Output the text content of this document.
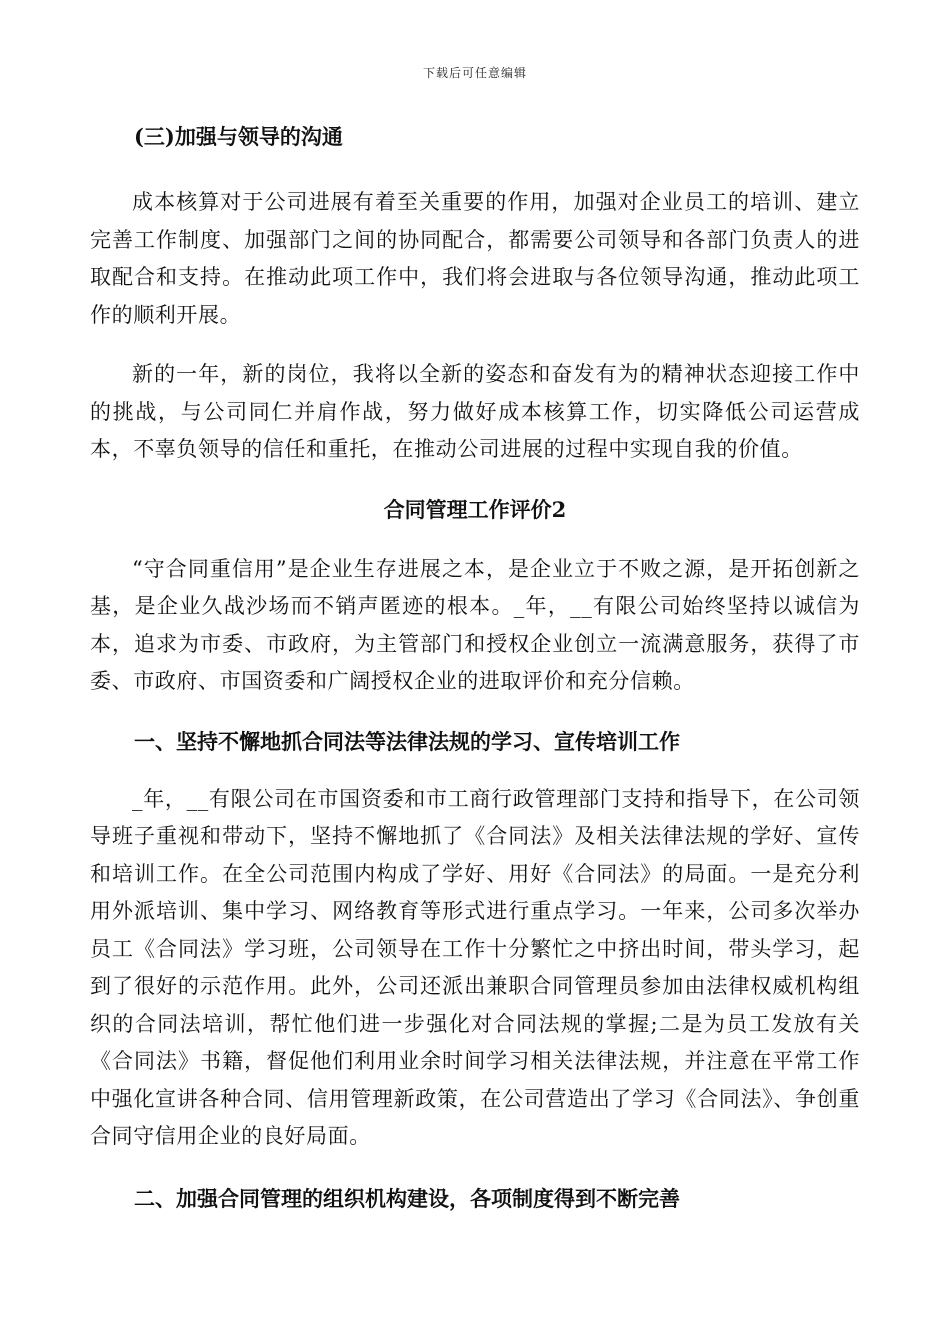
下载后可任意编辑

(三)加强与领导的沟通

成本核算对于公司进展有着至关重要的作用，加强对企业员工的培训、建立完善工作制度、加强部门之间的协同配合，都需要公司领导和各部门负责人的进取配合和支持。在推动此项工作中，我们将会进取与各位领导沟通，推动此项工作的顺利开展。

新的一年，新的岗位，我将以全新的姿态和奋发有为的精神状态迎接工作中的挑战，与公司同仁并肩作战，努力做好成本核算工作，切实降低公司运营成本，不辜负领导的信任和重托，在推动公司进展的过程中实现自我的价值。

合同管理工作评价2

“守合同重信用”是企业生存进展之本，是企业立于不败之源，是开拓创新之基，是企业久战沙场而不销声匿迹的根本。_年，__有限公司始终坚持以诚信为本，追求为市委、市政府，为主管部门和授权企业创立一流满意服务，获得了市委、市政府、市国资委和广阔授权企业的进取评价和充分信赖。

一、坚持不懈地抓合同法等法律法规的学习、宣传培训工作

_年，__有限公司在市国资委和市工商行政管理部门支持和指导下，在公司领导班子重视和带动下，坚持不懈地抓了《合同法》及相关法律法规的学好、宣传和培训工作。在全公司范围内构成了学好、用好《合同法》的局面。一是充分利用外派培训、集中学习、网络教育等形式进行重点学习。一年来，公司多次举办员工《合同法》学习班，公司领导在工作十分繁忙之中挤出时间，带头学习，起到了很好的示范作用。此外，公司还派出兼职合同管理员参加由法律权威机构组织的合同法培训，帮忙他们进一步强化对合同法规的掌握;二是为员工发放有关《合同法》书籍，督促他们利用业余时间学习相关法律法规，并注意在平常工作中强化宣讲各种合同、信用管理新政策，在公司营造出了学习《合同法》、争创重合同守信用企业的良好局面。

二、加强合同管理的组织机构建设，各项制度得到不断完善
